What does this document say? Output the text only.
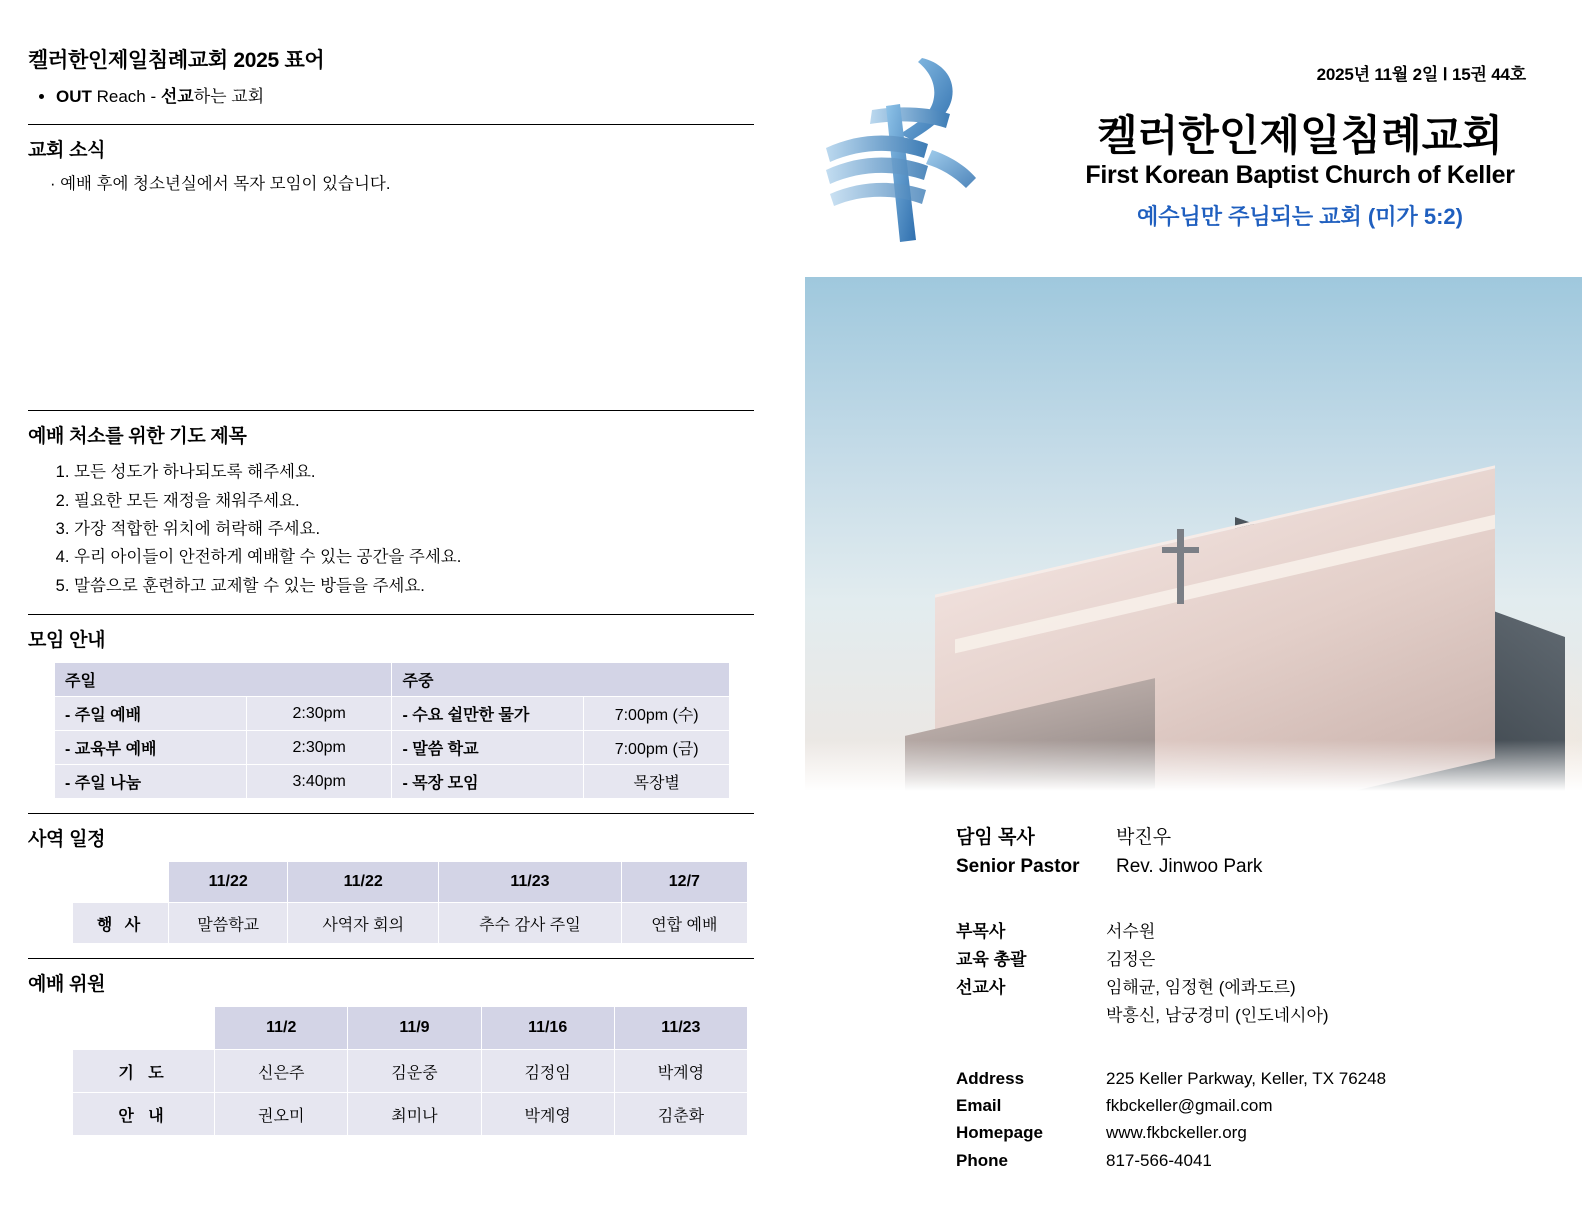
켈러한인제일침례교회 2025 표어
• OUT Reach - 선교하는 교회
교회 소식
· 예배 후에 청소년실에서 목자 모임이 있습니다.
예배 처소를 위한 기도 제목
1. 모든 성도가 하나되도록 해주세요.
2. 필요한 모든 재정을 채워주세요.
3. 가장 적합한 위치에 허락해 주세요.
4. 우리 아이들이 안전하게 예배할 수 있는 공간을 주세요.
5. 말씀으로 훈련하고 교제할 수 있는 방들을 주세요.
모임 안내
주일		주중	
- 주일 예배	2:30pm	- 수요 쉴만한 물가	7:00pm (수)
- 교육부 예배	2:30pm	- 말씀 학교	7:00pm (금)
- 주일 나눔	3:40pm	- 목장 모임	목장별
사역 일정
	11/22	11/22	11/23	12/7
행 사	말씀학교	사역자 회의	추수 감사 주일	연합 예배
예배 위원
	11/2	11/9	11/16	11/23
기 도	신은주	김운중	김정임	박계영
안 내	권오미	최미나	박계영	김춘화
2025년 11월 2일 Ⅰ 15권 44호
켈러한인제일침례교회
First Korean Baptist Church of Keller
예수님만 주님되는 교회 (미가 5:2)
담임 목사	박진우
Senior Pastor	Rev. Jinwoo Park
부목사	서수원
교육 총괄	김정은
선교사	임해균, 임정현 (에콰도르)
박흥신, 남궁경미 (인도네시아)
Address	225 Keller Parkway, Keller, TX 76248
Email	fkbckeller@gmail.com
Homepage	www.fkbckeller.org
Phone	817-566-4041
